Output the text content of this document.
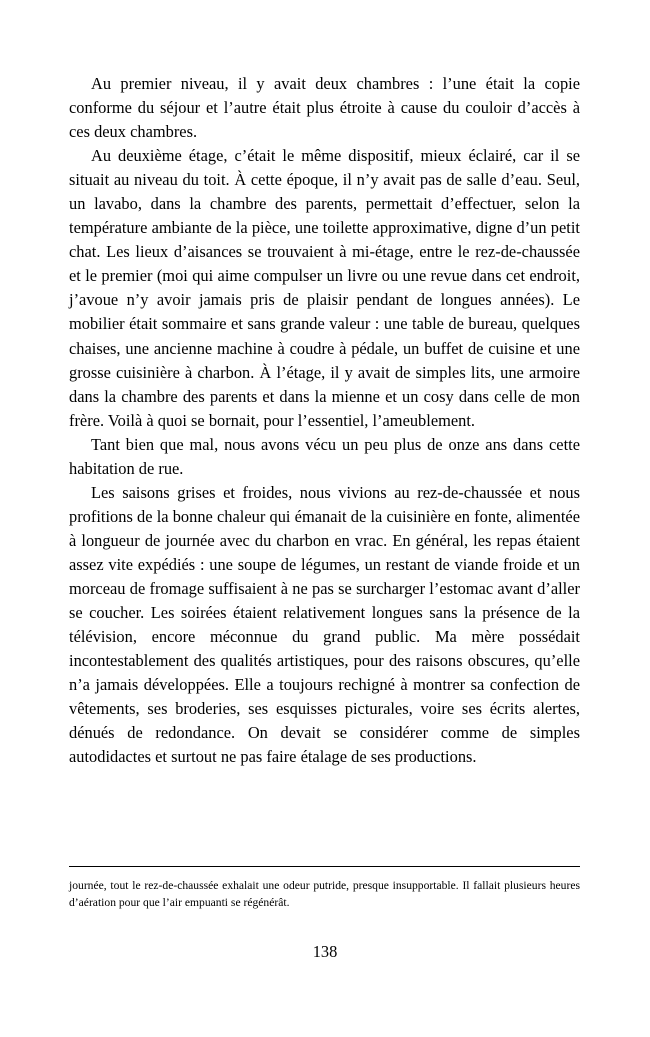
Au premier niveau, il y avait deux chambres : l’une était la copie conforme du séjour et l’autre était plus étroite à cause du couloir d’accès à ces deux chambres.

Au deuxième étage, c’était le même dispositif, mieux éclairé, car il se situait au niveau du toit. À cette époque, il n’y avait pas de salle d’eau. Seul, un lavabo, dans la chambre des parents, permettait d’effectuer, selon la température ambiante de la pièce, une toilette approximative, digne d’un petit chat. Les lieux d’aisances se trouvaient à mi-étage, entre le rez-de-chaussée et le premier (moi qui aime compulser un livre ou une revue dans cet endroit, j’avoue n’y avoir jamais pris de plaisir pendant de longues années). Le mobilier était sommaire et sans grande valeur : une table de bureau, quelques chaises, une ancienne machine à coudre à pédale, un buffet de cuisine et une grosse cuisinière à charbon. À l’étage, il y avait de simples lits, une armoire dans la chambre des parents et dans la mienne et un cosy dans celle de mon frère. Voilà à quoi se bornait, pour l’essentiel, l’ameublement.

Tant bien que mal, nous avons vécu un peu plus de onze ans dans cette habitation de rue.

Les saisons grises et froides, nous vivions au rez-de-chaussée et nous profitions de la bonne chaleur qui émanait de la cuisinière en fonte, alimentée à longueur de journée avec du charbon en vrac. En général, les repas étaient assez vite expédiés : une soupe de légumes, un restant de viande froide et un morceau de fromage suffisaient à ne pas se surcharger l’estomac avant d’aller se coucher. Les soirées étaient relativement longues sans la présence de la télévision, encore méconnue du grand public. Ma mère possédait incontestablement des qualités artistiques, pour des raisons obscures, qu’elle n’a jamais développées. Elle a toujours rechigné à montrer sa confection de vêtements, ses broderies, ses esquisses picturales, voire ses écrits alertes, dénués de redondance. On devait se considérer comme de simples autodidactes et surtout ne pas faire étalage de ses productions.

journée, tout le rez-de-chaussée exhalait une odeur putride, presque insupportable. Il fallait plusieurs heures d’aération pour que l’air empuanti se régénérât.

138
